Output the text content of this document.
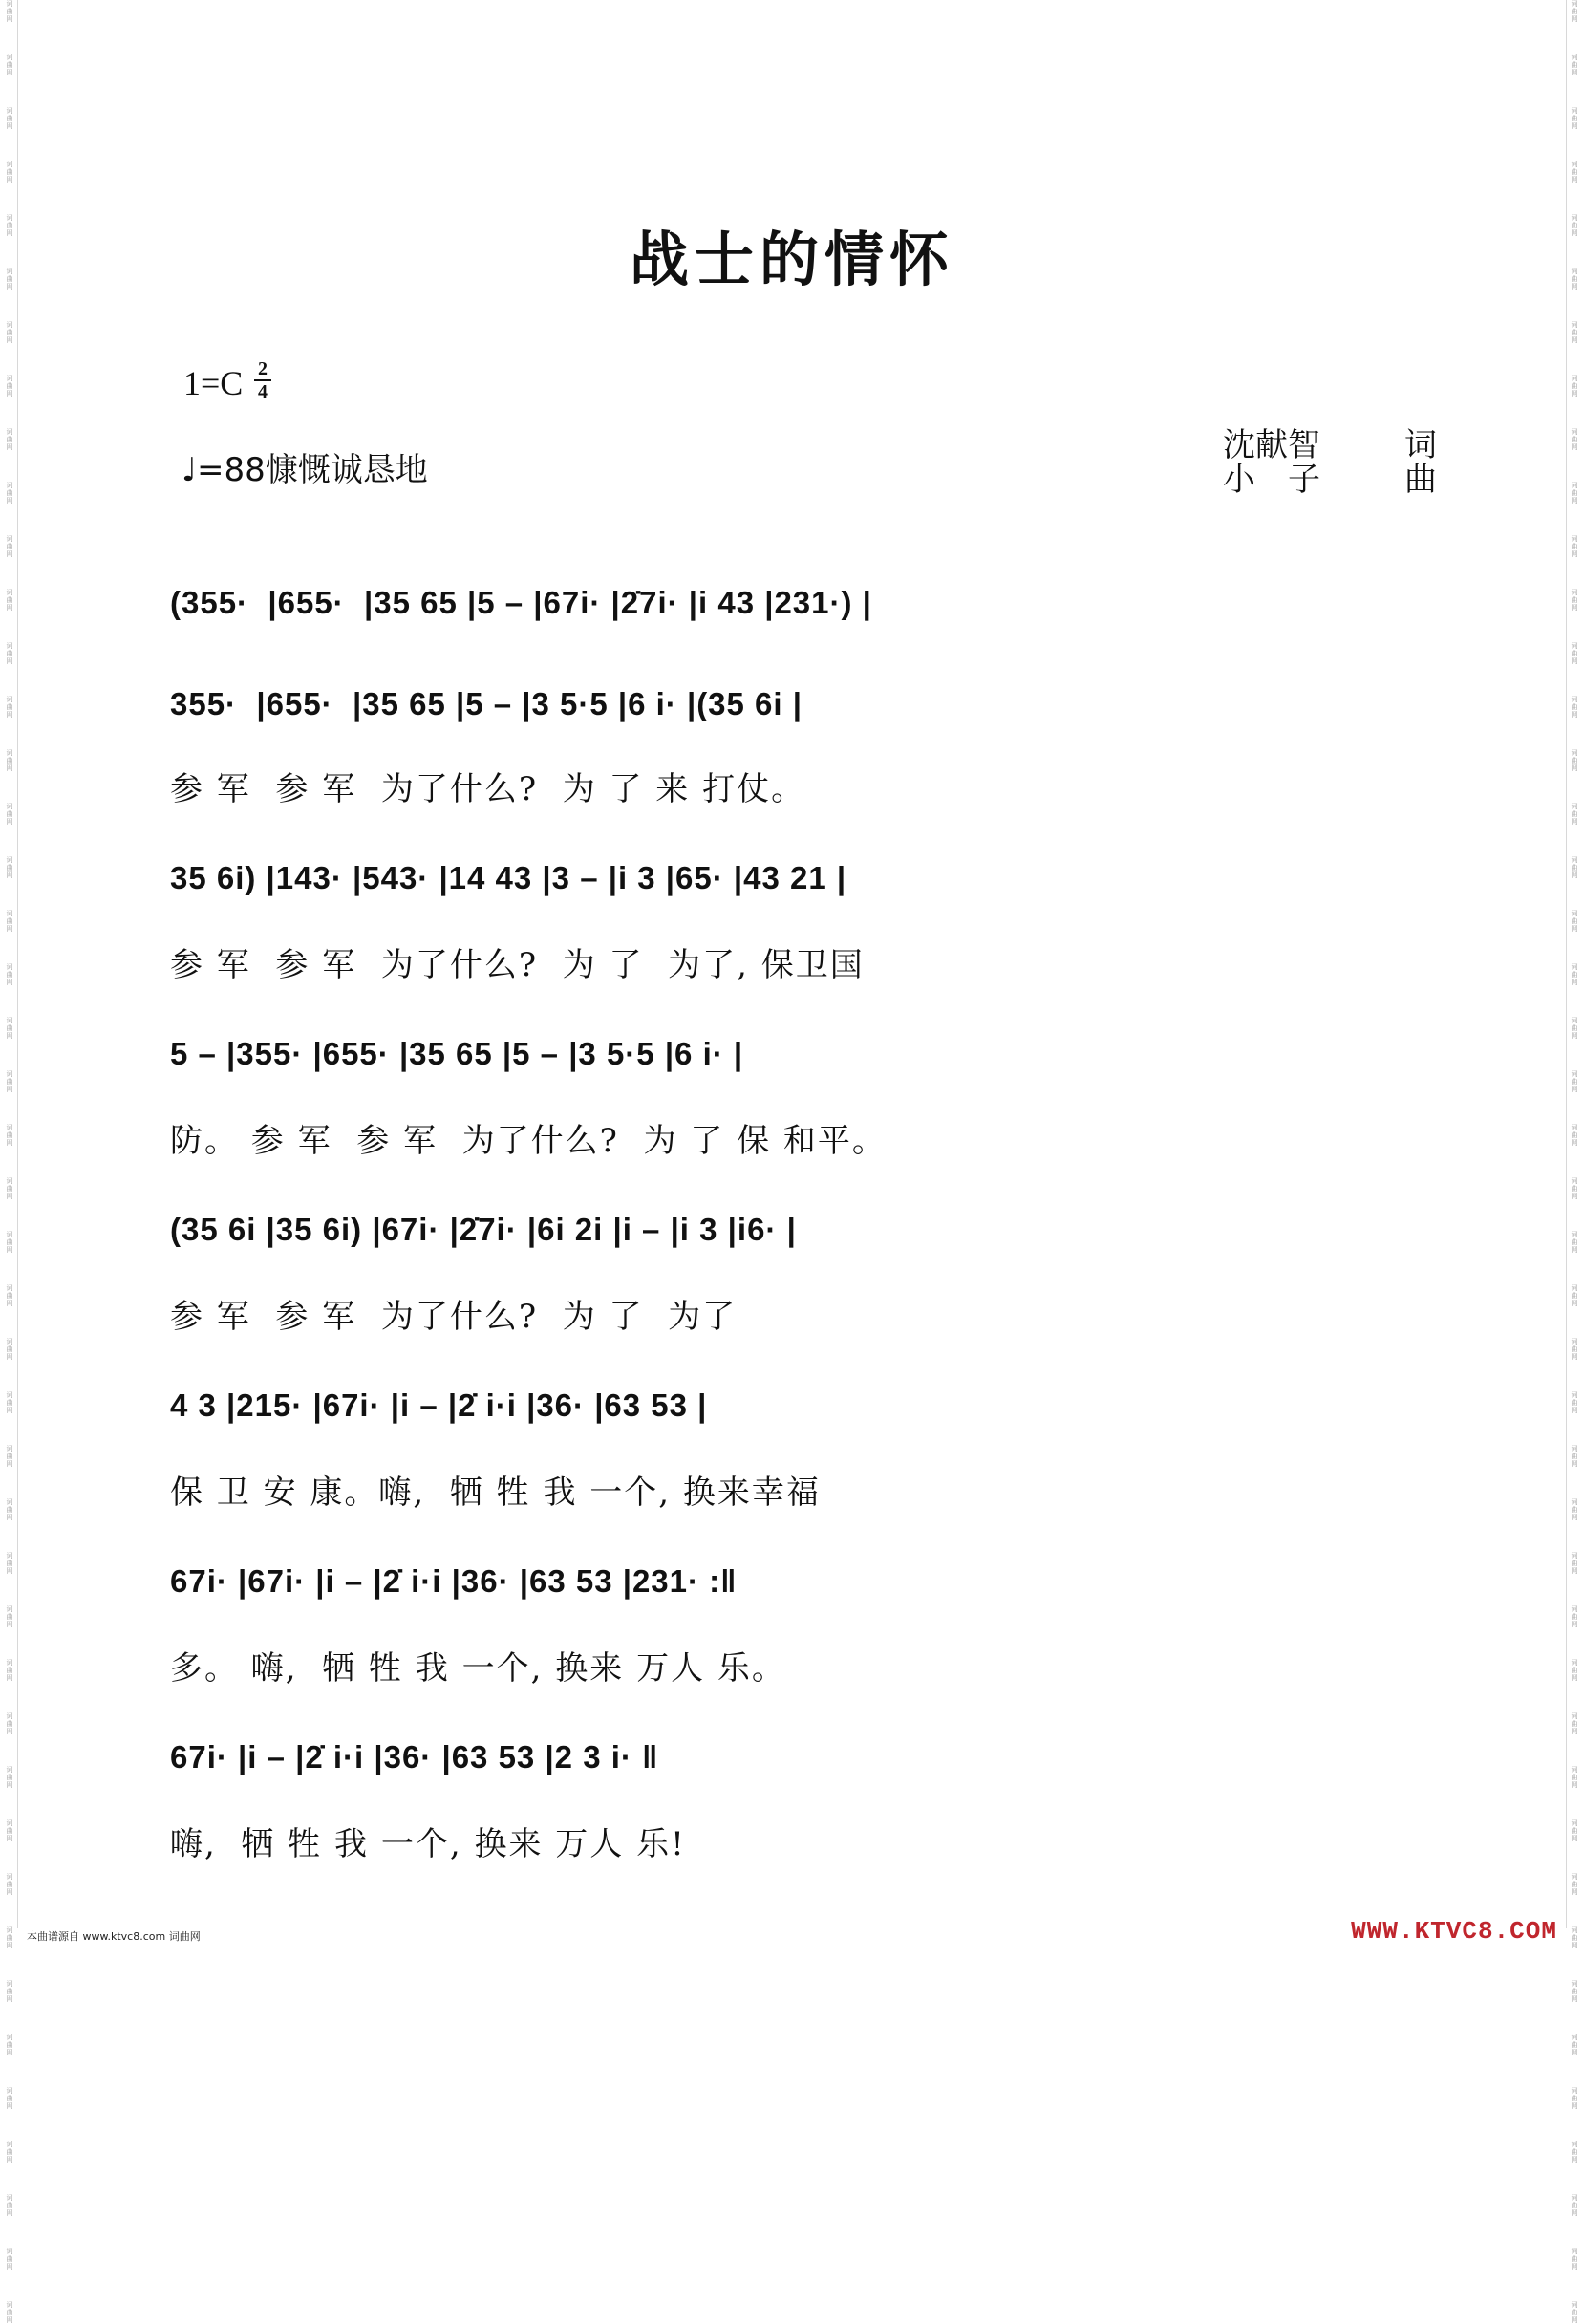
词曲网
词曲网
词曲网
词曲网
词曲网
词曲网
词曲网
词曲网
词曲网
词曲网
词曲网
词曲网
词曲网
词曲网
词曲网
词曲网
词曲网
词曲网
词曲网
词曲网
词曲网
词曲网
词曲网
词曲网
词曲网
词曲网
词曲网
词曲网
词曲网
词曲网
词曲网
词曲网
词曲网
词曲网
词曲网
词曲网
词曲网
词曲网
词曲网
词曲网
词曲网
词曲网
词曲网
词曲网
词曲网
词曲网
词曲网
词曲网
词曲网
词曲网
词曲网
词曲网
词曲网
词曲网
词曲网
词曲网
词曲网
词曲网
词曲网
词曲网
词曲网
词曲网
词曲网
词曲网
词曲网
词曲网
词曲网
词曲网
词曲网
词曲网
词曲网
词曲网
词曲网
词曲网
词曲网
词曲网
词曲网
词曲网
词曲网
词曲网
词曲网
词曲网
词曲网
词曲网
词曲网
词曲网
词曲网
词曲网
战士的情怀
1=C 2
4
♩=88慷慨诚恳地
沈献智	词
小　子	曲
(355·  |655·  |35 65 |5 – |67i· |2̇7i· |i 43 |231·) |
355·  |655·  |35 65 |5 – |3 5·5 |6 i· |(35 6i |
参 军  参 军  为了什么?  为 了 来 打仗。
35 6i) |143· |543· |14 43 |3 – |i 3 |65· |43 21 |
参 军  参 军  为了什么?  为 了  为了, 保卫国
5 – |355· |655· |35 65 |5 – |3 5·5 |6 i· |
防。 参 军  参 军  为了什么?  为 了 保 和平。
(35 6i |35 6i) |67i· |2̇7i· |6i 2i |i – |i 3 |i6· |
参 军  参 军  为了什么?  为 了  为了
4 3 |215· |67i· |i – |2̇ i·i |36· |63 53 |
保 卫 安 康。嗨,  牺 牲 我 一个, 换来幸福
67i· |67i· |i – |2̇ i·i |36· |63 53 |231· :‖
多。 嗨,  牺 牲 我 一个, 换来 万人 乐。
67i· |i – |2̇ i·i |36· |63 53 |2 3 i· ‖
嗨,  牺 牲 我 一个, 换来 万人 乐!
本曲谱源自 www.ktvc8.com 词曲网	WWW.KTVC8.COM
